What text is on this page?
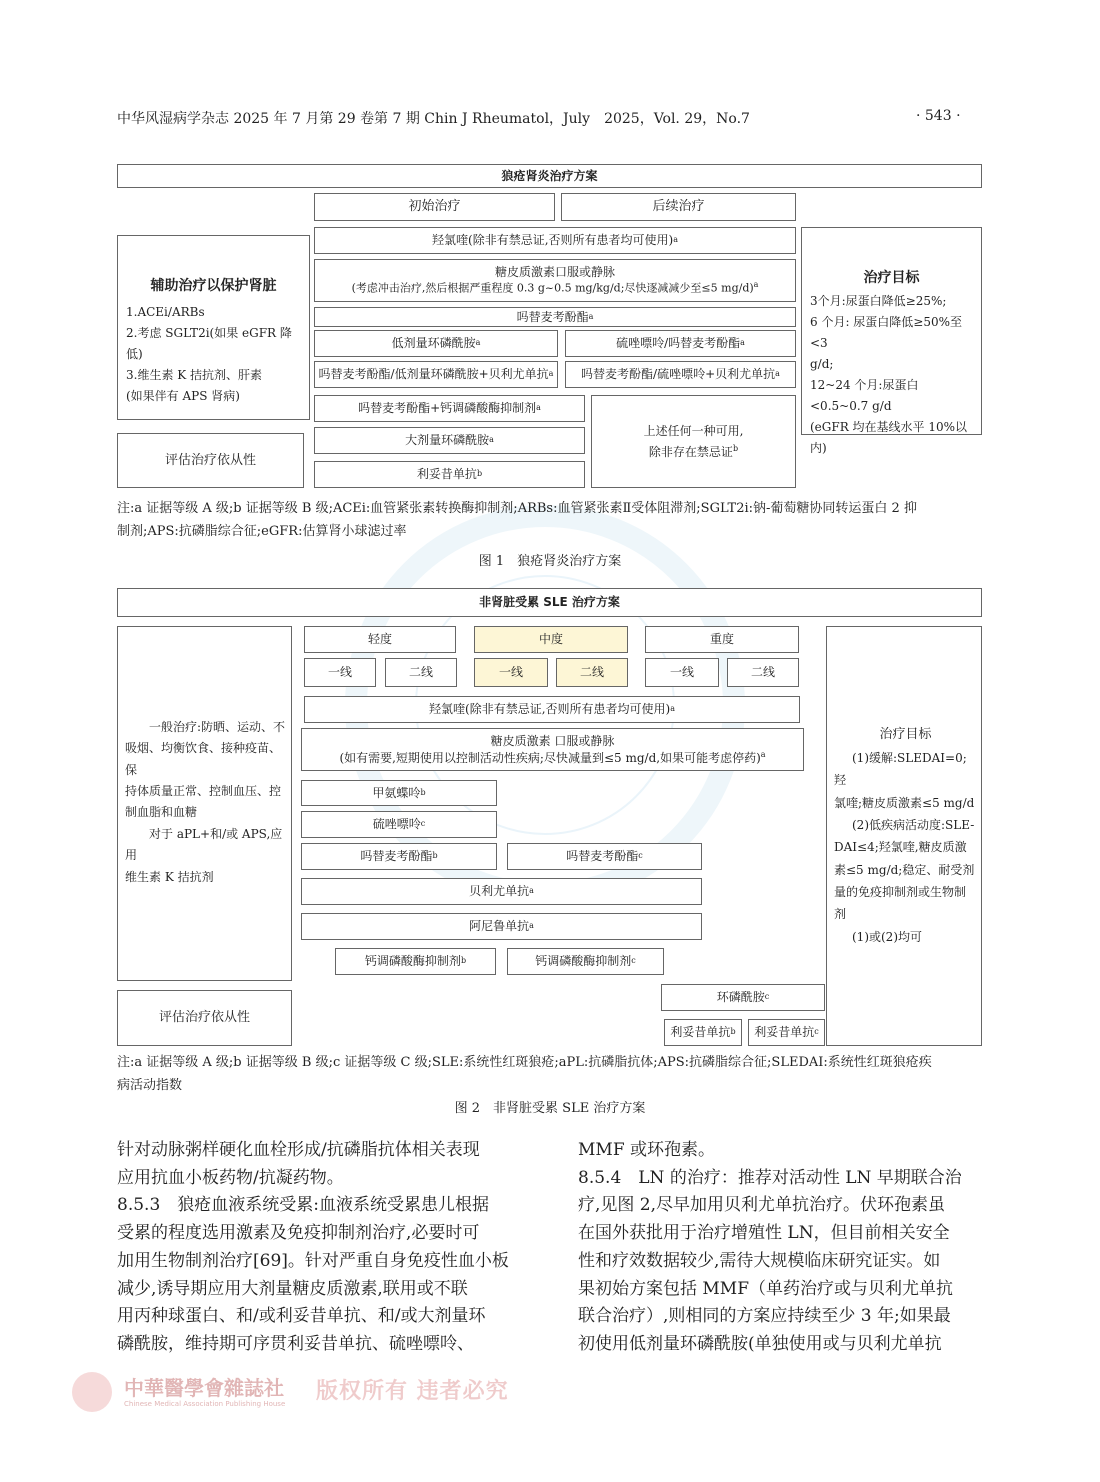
中华风湿病学杂志 2025 年 7 月第 29 卷第 7 期 Chin J Rheumatol，July　2025，Vol. 29，No.7	· 543 ·
狼疮肾炎治疗方案
初始治疗	后续治疗
羟氯喹(除非有禁忌证,否则所有患者均可使用) a
糖皮质激素口服或静脉
(考虑冲击治疗,然后根据严重程度 0.3 g~0.5 mg/kg/d;尽快逐减减少至≤5 mg/d)$^a$
吗替麦考酚酯 a
低剂量环磷酰胺 a	硫唑嘌呤/吗替麦考酚酯 a
吗替麦考酚酯/低剂量环磷酰胺+贝利尤单抗 a 吗替麦考酚酯/硫唑嘌呤+贝利尤单抗 a
吗替麦考酚酯+钙调磷酸酶抑制剂 a
大剂量环磷酰胺 a
利妥昔单抗 b
上述任何一种可用,
除非存在禁忌证$^b$
辅助治疗以保护肾脏
1.ACEi/ARBs
2.考虑 SGLT2i(如果 eGFR 降低)
3.维生素 K 拮抗剂、肝素
(如果伴有 APS 肾病)
评估治疗依从性
治疗目标
3个月:尿蛋白降低≥25%;
6 个月: 尿蛋白降低≥50%至<3
g/d;
12~24 个月:尿蛋白<0.5~0.7 g/d
(eGFR 均在基线水平 10%以内)
注:a 证据等级 A 级;b 证据等级 B 级;ACEi:血管紧张素转换酶抑制剂;ARBs:血管紧张素Ⅱ受体阻滞剂;SGLT2i:钠-葡萄糖协同转运蛋白 2 抑
制剂;APS:抗磷脂综合征;eGFR:估算肾小球滤过率
图 1　狼疮肾炎治疗方案
非肾脏受累 SLE 治疗方案
轻度	中度	重度
一线	二线	一线	二线	一线	二线
羟氯喹(除非有禁忌证,否则所有患者均可使用) a
糖皮质激素 口服或静脉
(如有需要,短期使用以控制活动性疾病;尽快减量到≤5 mg/d,如果可能考虑停药)$^a$
甲氨蝶呤 b
硫唑嘌呤 c
吗替麦考酚酯 b	吗替麦考酚酯 c
贝利尤单抗 a
阿尼鲁单抗 a
钙调磷酸酶抑制剂 b	钙调磷酸酶抑制剂 c
环磷酰胺 c
利妥昔单抗 b 利妥昔单抗 c
一般治疗:防晒、运动、不
吸烟、均衡饮食、接种疫苗、保
持体质量正常、控制血压、控
制血脂和血糖
对于 aPL+和/或 APS,应用
维生素 K 拮抗剂
评估治疗依从性
治疗目标
(1)缓解:SLEDAI=0;羟
氯喹;糖皮质激素≤5 mg/d
(2)低疾病活动度:SLE-
DAI≤4;羟氯喹,糖皮质激
素≤5 mg/d;稳定、耐受剂
量的免疫抑制剂或生物制
剂
(1)或(2)均可
注:a 证据等级 A 级;b 证据等级 B 级;c 证据等级 C 级;SLE:系统性红斑狼疮;aPL:抗磷脂抗体;APS:抗磷脂综合征;SLEDAI:系统性红斑狼疮疾
病活动指数
图 2　非肾脏受累 SLE 治疗方案

针对动脉粥样硬化血栓形成/抗磷脂抗体相关表现

应用抗血小板药物/抗凝药物。

8.5.3　狼疮血液系统受累:血液系统受累患儿根据

受累的程度选用激素及免疫抑制剂治疗,必要时可

加用生物制剂治疗[69]。针对严重自身免疫性血小板

减少,诱导期应用大剂量糖皮质激素,联用或不联

用丙种球蛋白、和/或利妥昔单抗、和/或大剂量环

磷酰胺，维持期可序贯利妥昔单抗、硫唑嘌呤、

MMF 或环孢素。

8.5.4　LN 的治疗：推荐对活动性 LN 早期联合治

疗,见图 2,尽早加用贝利尤单抗治疗。伏环孢素虽

在国外获批用于治疗增殖性 LN，但目前相关安全

性和疗效数据较少,需待大规模临床研究证实。如

果初始方案包括 MMF（单药治疗或与贝利尤单抗

联合治疗）,则相同的方案应持续至少 3 年;如果最

初使用低剂量环磷酰胺(单独使用或与贝利尤单抗

中華醫學會雜誌社
Chinese Medical Association Publishing House 版权所有 违者必究
